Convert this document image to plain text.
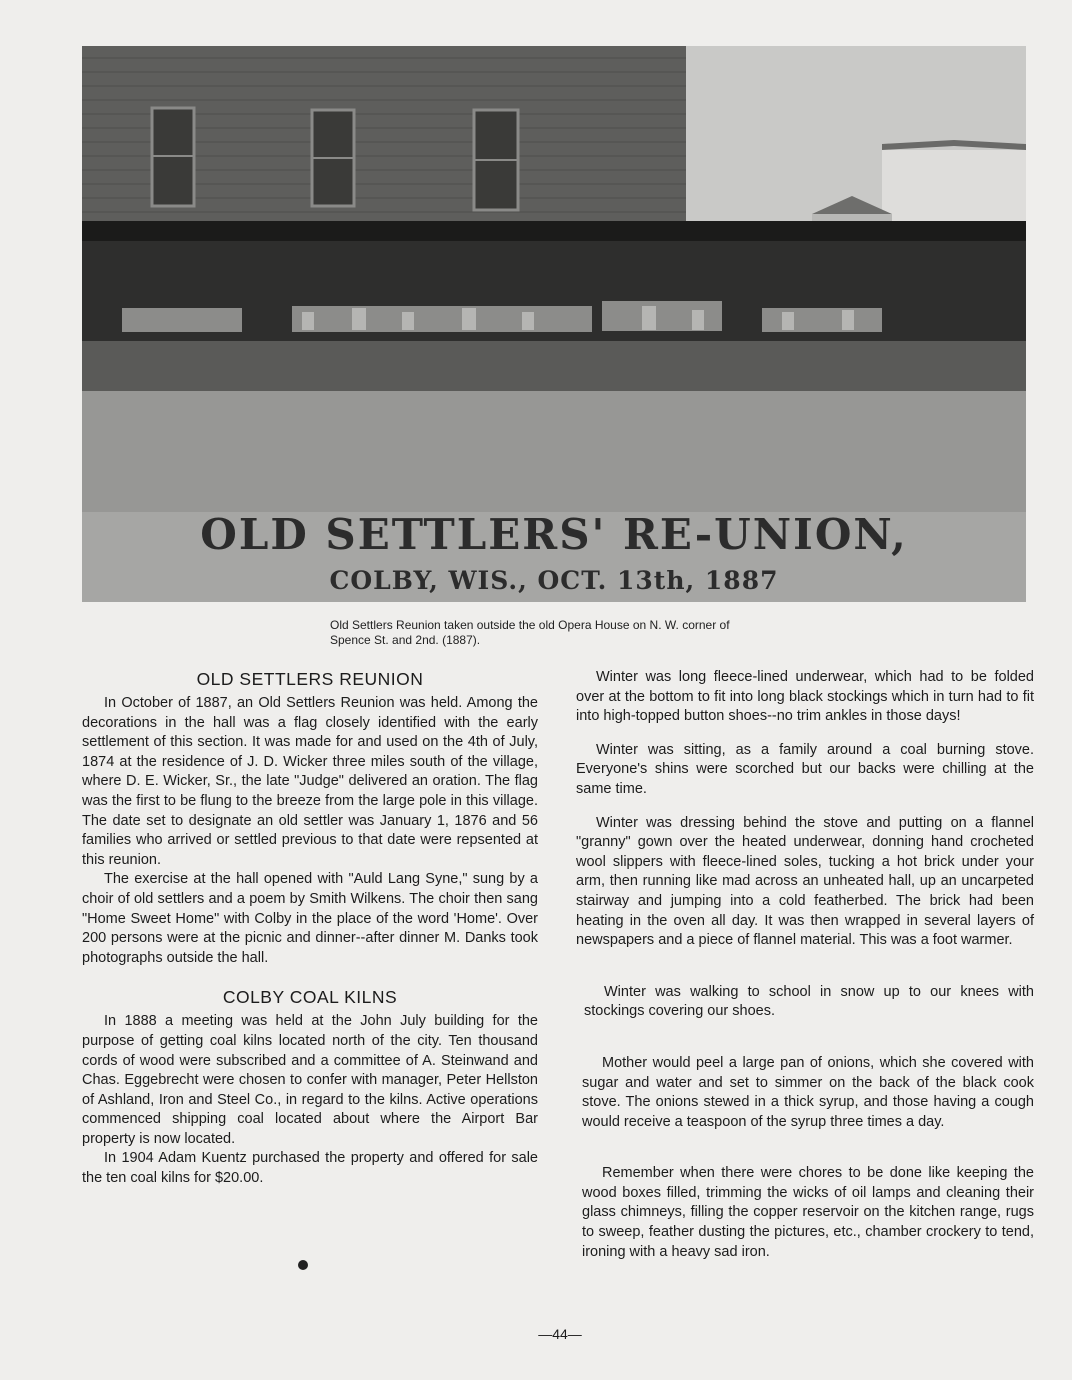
OLD SETTLERS' RE-UNION,
COLBY, WIS., OCT. 13th, 1887
Old Settlers Reunion taken outside the old Opera House on N. W. corner of Spence St. and 2nd. (1887).
OLD SETTLERS REUNION

In October of 1887, an Old Settlers Reunion was held. Among the decorations in the hall was a flag closely identified with the early settlement of this section. It was made for and used on the 4th of July, 1874 at the residence of J. D. Wicker three miles south of the village, where D. E. Wicker, Sr., the late "Judge" delivered an oration. The flag was the first to be flung to the breeze from the large pole in this village. The date set to designate an old settler was January 1, 1876 and 56 families who arrived or settled previous to that date were repsented at this reunion.

The exercise at the hall opened with "Auld Lang Syne," sung by a choir of old settlers and a poem by Smith Wilkens. The choir then sang "Home Sweet Home" with Colby in the place of the word 'Home'. Over 200 persons were at the picnic and dinner--after dinner M. Danks took photographs outside the hall.

COLBY COAL KILNS

In 1888 a meeting was held at the John July building for the purpose of getting coal kilns located north of the city. Ten thousand cords of wood were subscribed and a committee of A. Steinwand and Chas. Eggebrecht were chosen to confer with manager, Peter Hellston of Ashland, Iron and Steel Co., in regard to the kilns. Active operations commenced shipping coal located about where the Airport Bar property is now located.

In 1904 Adam Kuentz purchased the property and offered for sale the ten coal kilns for $20.00.

Winter was long fleece-lined underwear, which had to be folded over at the bottom to fit into long black stockings which in turn had to fit into high-topped button shoes--no trim ankles in those days!

Winter was sitting, as a family around a coal burning stove. Everyone's shins were scorched but our backs were chilling at the same time.

Winter was dressing behind the stove and putting on a flannel "granny" gown over the heated underwear, donning hand crocheted wool slippers with fleece-lined soles, tucking a hot brick under your arm, then running like mad across an unheated hall, up an uncarpeted stairway and jumping into a cold featherbed. The brick had been heating in the oven all day. It was then wrapped in several layers of newspapers and a piece of flannel material. This was a foot warmer.

Winter was walking to school in snow up to our knees with stockings covering our shoes.

Mother would peel a large pan of onions, which she covered with sugar and water and set to simmer on the back of the black cook stove. The onions stewed in a thick syrup, and those having a cough would receive a teaspoon of the syrup three times a day.

Remember when there were chores to be done like keeping the wood boxes filled, trimming the wicks of oil lamps and cleaning their glass chimneys, filling the copper reservoir on the kitchen range, rugs to sweep, feather dusting the pictures, etc., chamber crockery to tend, ironing with a heavy sad iron.

—44—
